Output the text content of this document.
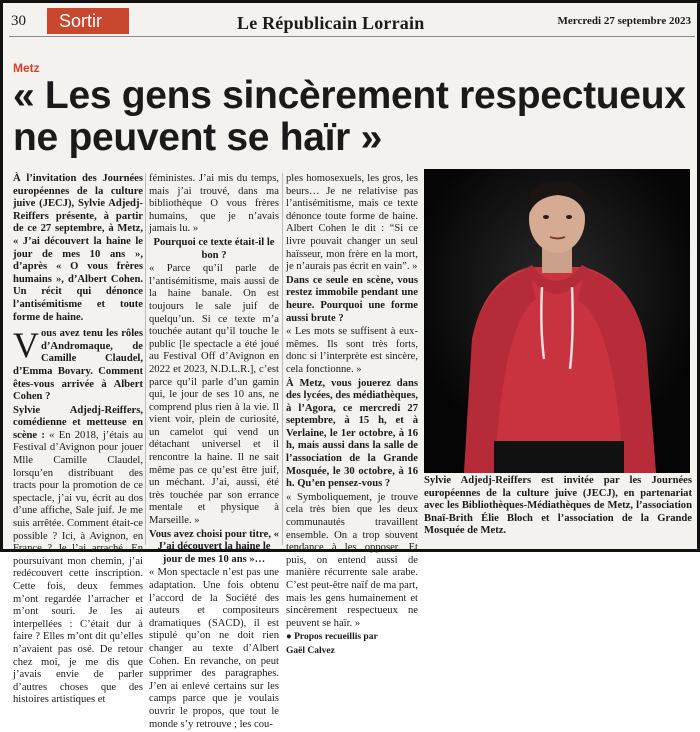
30	Sortir	Le Républicain Lorrain	Mercredi 27 septembre 2023
Metz
« Les gens sincèrement respectueux ne peuvent se haïr »

À l’invitation des Journées européennes de la culture juive (JECJ), Sylvie Adjedj-Reiffers présente, à partir de ce 27 septembre, à Metz, « J’ai découvert la haine le jour de mes 10 ans », d’après « O vous frères humains », d’Albert Cohen. Un récit qui dénonce l’antisémitisme et toute forme de haine.

V ous avez tenu les rôles d’Andromaque, de Camille Claudel, d’Emma Bovary. Comment êtes-vous arrivée à Albert Cohen ?

Sylvie Adjedj-Reiffers, comédienne et metteuse en scène : « En 2018, j’étais au Festival d’Avignon pour jouer Mlle Camille Claudel, lorsqu’en distribuant des tracts pour la promotion de ce spectacle, j’ai vu, écrit au dos d’une affiche, Sale juif. Je me suis arrêtée. Comment était-ce possible ? Ici, à Avignon, en France ? Je l’ai arraché. En poursuivant mon chemin, j’ai redécouvert cette inscription. Cette fois, deux femmes m’ont regardée l’arracher et m’ont souri. Je les ai interpellées : C’était dur à faire ? Elles m’ont dit qu’elles n’avaient pas osé. De retour chez moi, je me dis que j’avais envie de parler d’autres choses que des histoires artistiques et

féministes. J’ai mis du temps, mais j’ai trouvé, dans ma bibliothèque O vous frères humains, que je n’avais jamais lu. »

Pourquoi ce texte était-il le bon ?

« Parce qu’il parle de l’antisémitisme, mais aussi de la haine banale. On est toujours le sale juif de quelqu’un. Si ce texte m’a touchée autant qu’il touche le public [le spectacle a été joué au Festival Off d’Avignon en 2022 et 2023, N.D.L.R.], c’est parce qu’il parle d’un gamin qui, le jour de ses 10 ans, ne comprend plus rien à la vie. Il vient voir, plein de curiosité, un camelot qui vend un détachant universel et il rencontre la haine. Il ne sait même pas ce qu’est être juif, un méchant. J’ai, aussi, été très touchée par son errance mentale et physique à Marseille. »

Vous avez choisi pour titre, « J’ai découvert la haine le jour de mes 10 ans »…

« Mon spectacle n’est pas une adaptation. Une fois obtenu l’accord de la Société des auteurs et compositeurs dramatiques (SACD), il est stipulé qu’on ne doit rien changer au texte d’Albert Cohen. En revanche, on peut supprimer des paragraphes. J’en ai enlevé certains sur les camps parce que je voulais ouvrir le propos, que tout le monde s’y retrouve ; les cou-

ples homosexuels, les gros, les beurs… Je ne relativise pas l’antisémitisme, mais ce texte dénonce toute forme de haine. Albert Cohen le dit : “Si ce livre pouvait changer un seul haïsseur, mon frère en la mort, je n’aurais pas écrit en vain”. »

Dans ce seule en scène, vous restez immobile pendant une heure. Pourquoi une forme aussi brute ?

« Les mots se suffisent à eux-mêmes. Ils sont très forts, donc si l’interprète est sincère, cela fonctionne. »

À Metz, vous jouerez dans des lycées, des médiathèques, à l’Agora, ce mercredi 27 septembre, à 15 h, et à Verlaine, le 1er octobre, à 16 h, mais aussi dans la salle de l’association de la Grande Mosquée, le 30 octobre, à 16 h. Qu’en pensez-vous ?

« Symboliquement, je trouve cela très bien que les deux communautés travaillent ensemble. On a trop souvent tendance à les opposer. Et puis, on entend aussi de manière récurrente sale arabe. C’est peut-être naïf de ma part, mais les gens humainement et sincèrement respectueux ne peuvent se haïr. »

● Propos recueillis par

Gaël Calvez

Sylvie Adjedj-Reiffers est invitée par les Journées européennes de la culture juive (JECJ), en partenariat avec les Bibliothèques-Médiathèques de Metz, l’association Bnaï-Brith Élie Bloch et l’association de la Grande Mosquée de Metz.
